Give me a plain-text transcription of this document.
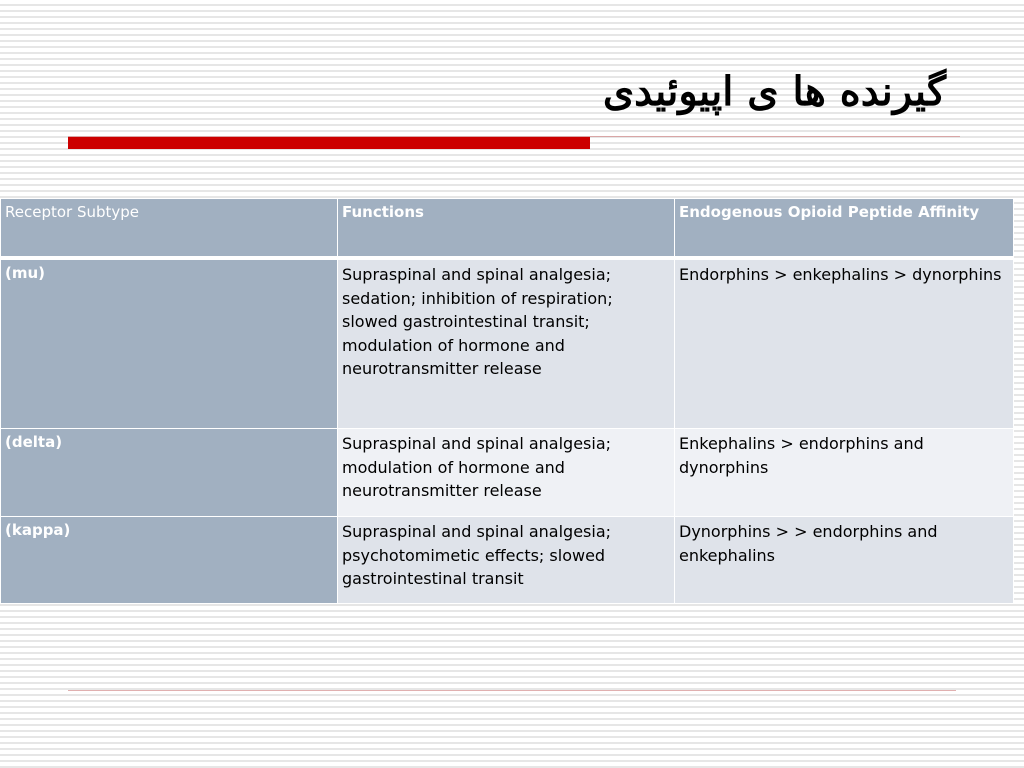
گیرنده ها ی اپیوئیدی
Receptor Subtype	Functions	Endogenous Opioid Peptide Affinity
(mu)	Supraspinal and spinal analgesia; sedation; inhibition of respiration; slowed gastrointestinal transit; modulation of hormone and neurotransmitter release	Endorphins > enkephalins > dynorphins
(delta)	Supraspinal and spinal analgesia; modulation of hormone and neurotransmitter release	Enkephalins > endorphins and dynorphins
(kappa)	Supraspinal and spinal analgesia; psychotomimetic effects; slowed gastrointestinal transit	Dynorphins > > endorphins and enkephalins
